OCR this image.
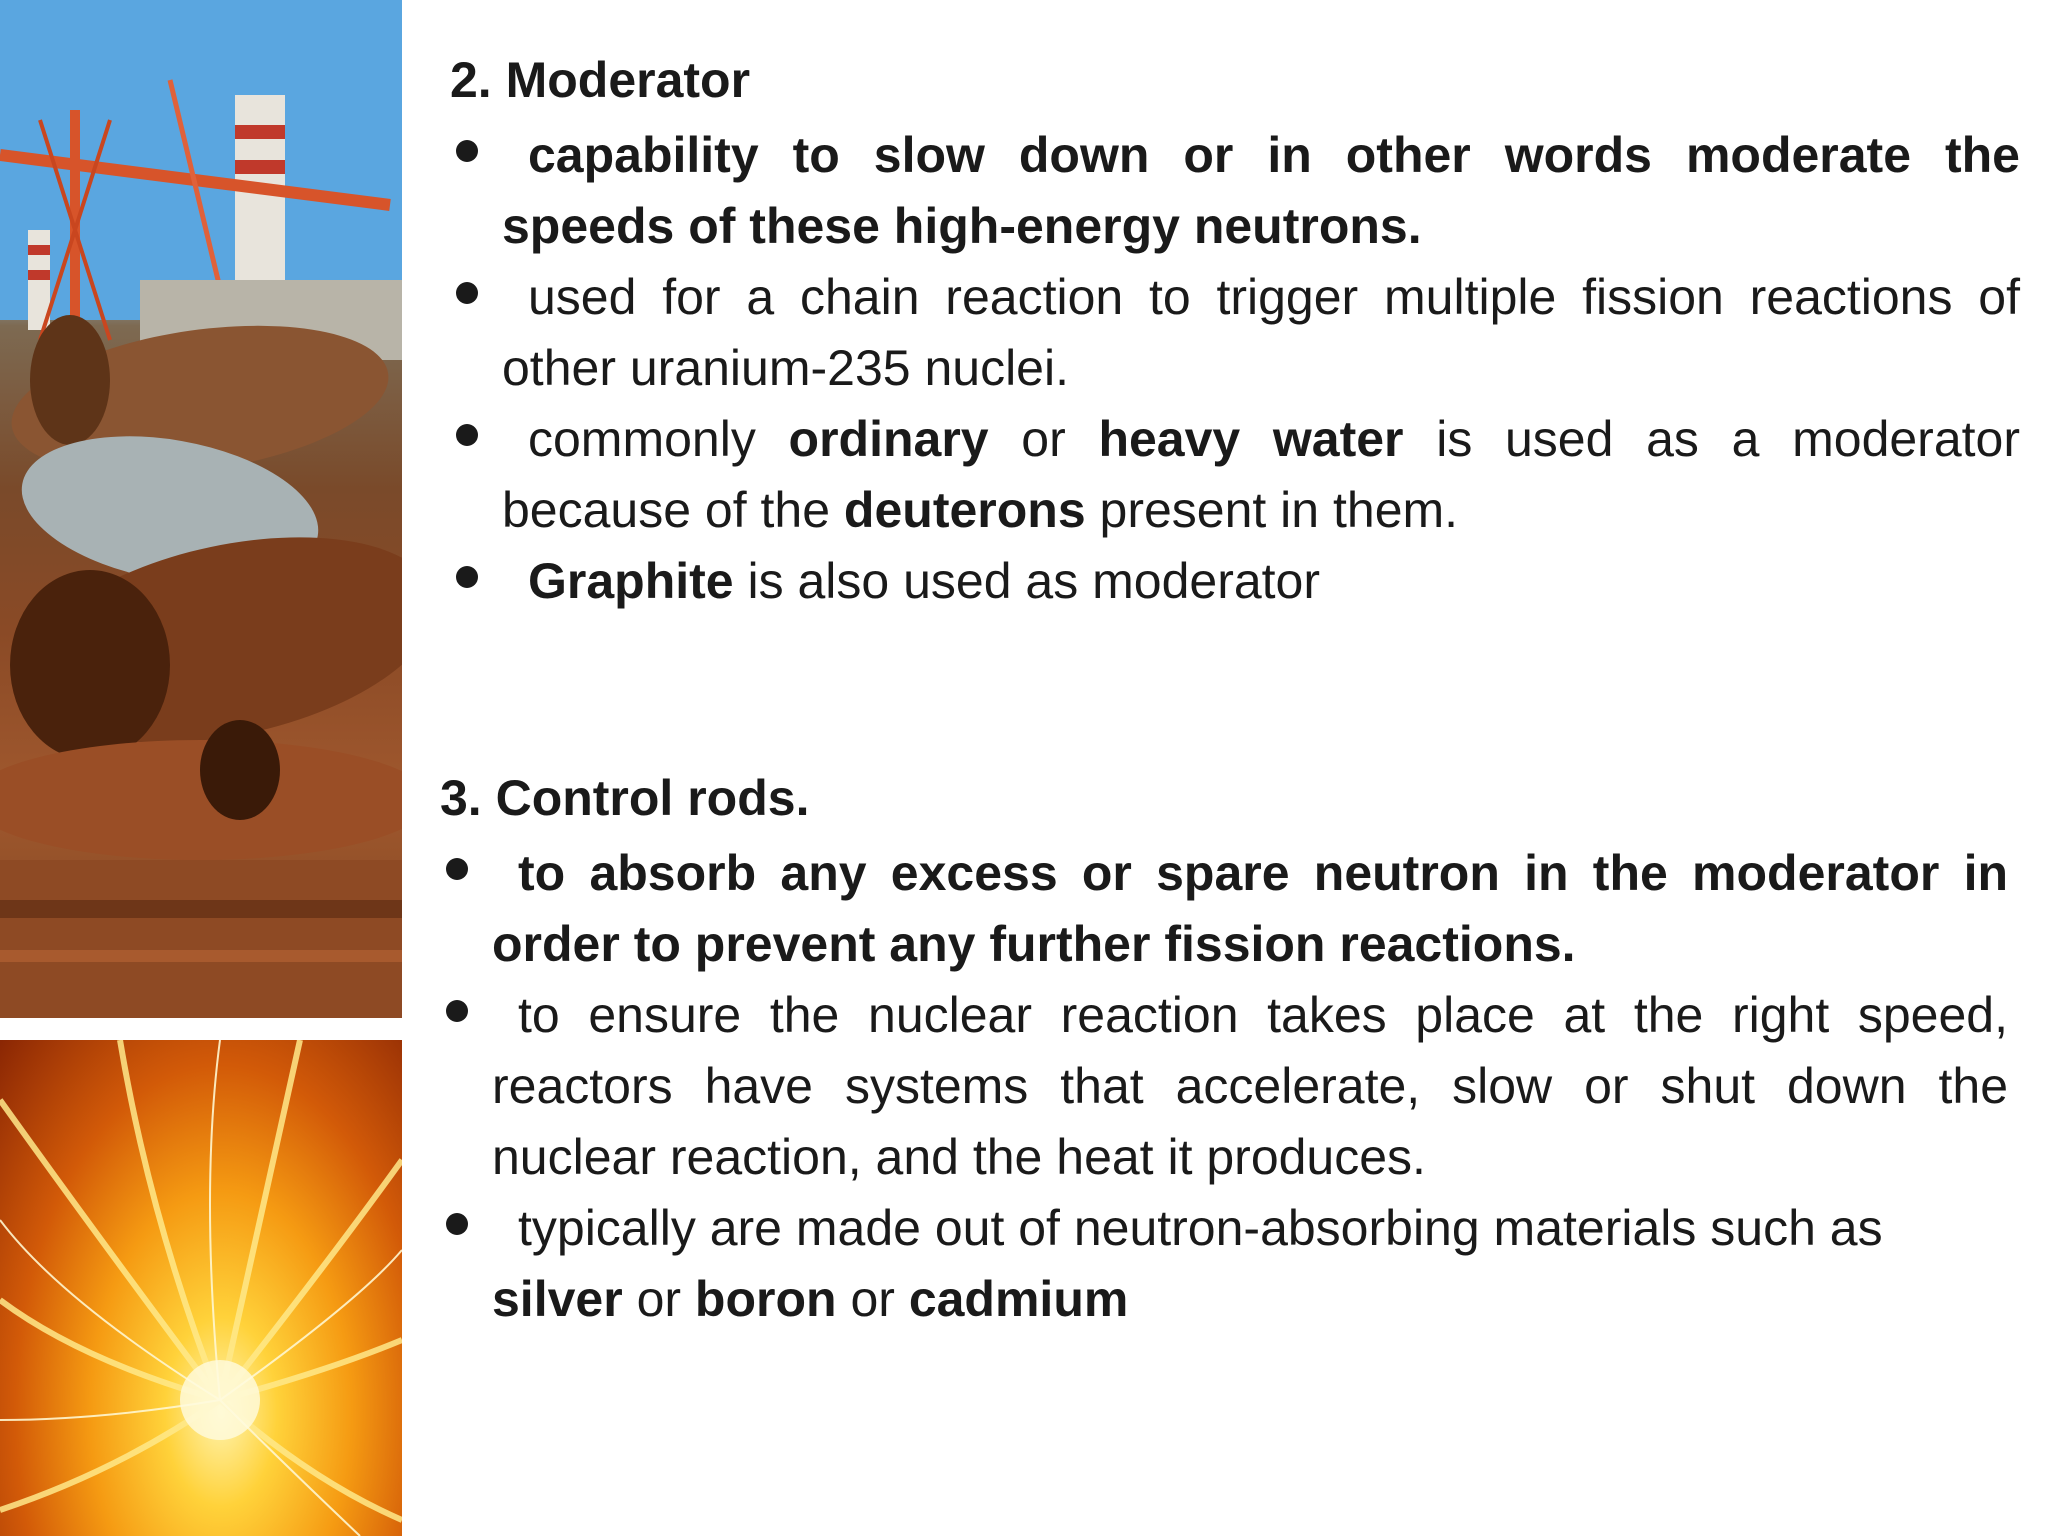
2. Moderator
capability to slow down or in other words moderate the speeds of these high-energy neutrons.
used for a chain reaction to trigger multiple fission reactions of other uranium-235 nuclei.
commonly ordinary or heavy water is used as a moderator because of the deuterons present in them.
Graphite is also used as moderator
3. Control rods.
to absorb any excess or spare neutron in the moderator in order to prevent any further fission reactions.
to ensure the nuclear reaction takes place at the right speed, reactors have systems that accelerate, slow or shut down the nuclear reaction, and the heat it produces.
typically are made out of neutron-absorbing materials such as silver or boron or cadmium
